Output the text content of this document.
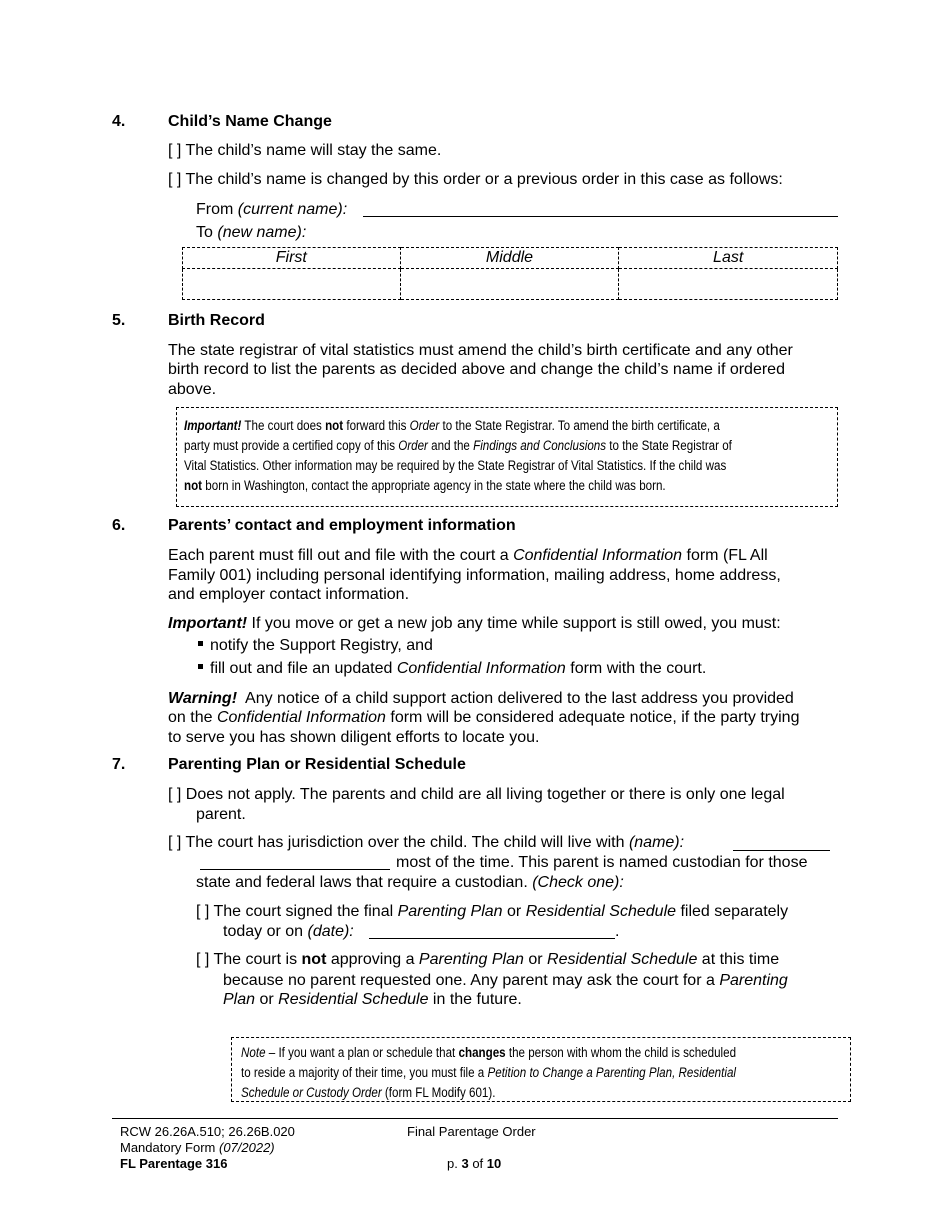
4.	Child’s Name Change
[ ] The child’s name will stay the same.
[ ] The child’s name is changed by this order or a previous order in this case as follows:
From (current name):
To (new name):
First	Middle	Last

5.	Birth Record
The state registrar of vital statistics must amend the child’s birth certificate and any other
birth record to list the parents as decided above and change the child’s name if ordered
above.
Important! The court does not forward this Order to the State Registrar. To amend the birth certificate, a
party must provide a certified copy of this Order and the Findings and Conclusions to the State Registrar of
Vital Statistics. Other information may be required by the State Registrar of Vital Statistics. If the child was
not born in Washington, contact the appropriate agency in the state where the child was born.
6.	Parents’ contact and employment information
Each parent must fill out and file with the court a Confidential Information form (FL All
Family 001) including personal identifying information, mailing address, home address,
and employer contact information.
Important! If you move or get a new job any time while support is still owed, you must:
notify the Support Registry, and
fill out and file an updated Confidential Information form with the court.
Warning!  Any notice of a child support action delivered to the last address you provided
on the Confidential Information form will be considered adequate notice, if the party trying
to serve you has shown diligent efforts to locate you.
7.	Parenting Plan or Residential Schedule
[ ] Does not apply. The parents and child are all living together or there is only one legal
parent.
[ ] The court has jurisdiction over the child. The child will live with (name):
most of the time. This parent is named custodian for those
state and federal laws that require a custodian. (Check one):
[ ] The court signed the final Parenting Plan or Residential Schedule filed separately
today or on (date):	.
[ ] The court is not approving a Parenting Plan or Residential Schedule at this time
because no parent requested one. Any parent may ask the court for a Parenting
Plan or Residential Schedule in the future.
Note – If you want a plan or schedule that changes the person with whom the child is scheduled
to reside a majority of their time, you must file a Petition to Change a Parenting Plan, Residential
Schedule or Custody Order (form FL Modify 601).
RCW 26.26A.510; 26.26B.020
Mandatory Form (07/2022)
FL Parentage 316
Final Parentage Order
p. 3 of 10
